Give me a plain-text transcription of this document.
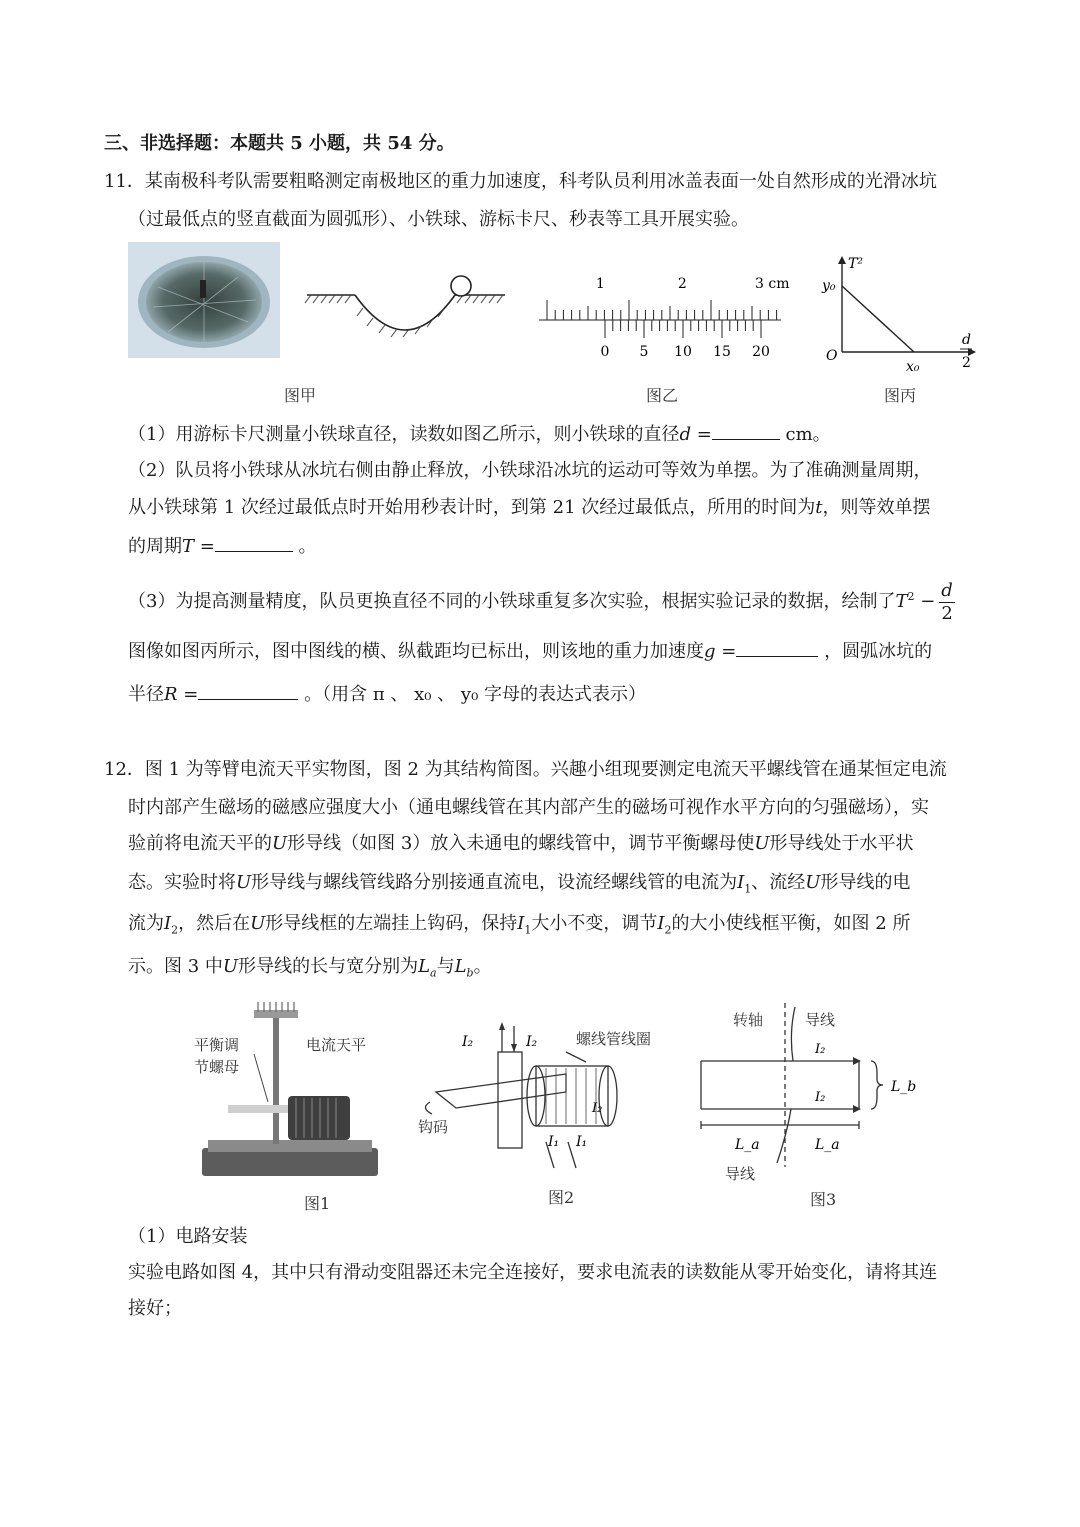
三、非选择题：本题共 5 小题，共 54 分。
11．某南极科考队需要粗略测定南极地区的重力加速度，科考队员利用冰盖表面一处自然形成的光滑冰坑
（过最低点的竖直截面为圆弧形）、小铁球、游标卡尺、秒表等工具开展实验。
图甲
1	2	3 cm
0 5 10 15 20
图乙
T²
y₀
O
x₀
d
2
图丙
（1）用游标卡尺测量小铁球直径，读数如图乙所示，则小铁球的直径d =	cm。
（2）队员将小铁球从冰坑右侧由静止释放，小铁球沿冰坑的运动可等效为单摆。为了准确测量周期，
从小铁球第 1 次经过最低点时开始用秒表计时，到第 21 次经过最低点，所用的时间为t，则等效单摆
的周期T =	。
（3）为提高测量精度，队员更换直径不同的小铁球重复多次实验，根据实验记录的数据，绘制了$T^2 - \frac{d}{2}$
图像如图丙所示，图中图线的横、纵截距均已标出，则该地的重力加速度g =	，圆弧冰坑的
半径R =	。（用含 π 、 x₀ 、 y₀ 字母的表达式表示）
12．图 1 为等臂电流天平实物图，图 2 为其结构简图。兴趣小组现要测定电流天平螺线管在通某恒定电流
时内部产生磁场的磁感应强度大小（通电螺线管在其内部产生的磁场可视作水平方向的匀强磁场），实
验前将电流天平的U形导线（如图 3）放入未通电的螺线管中，调节平衡螺母使U形导线处于水平状
态。实验时将U形导线与螺线管线路分别接通直流电，设流经螺线管的电流为$I_1$、流经U形导线的电
流为$I_2$，然后在U形导线框的左端挂上钩码，保持$I_1$大小不变，调节$I_2$的大小使线框平衡，如图 2 所
示。图 3 中U形导线的长与宽分别为$L_a$与$L_b$。
平衡调
节螺母
电流天平
图1
I₂	I₂
I₂
I₁ I₁
螺线管线圈
钩码
图2
转轴	导线
I₂
I₂
L_b
L_a	L_a
导线
图3
（1）电路安装
实验电路如图 4，其中只有滑动变阻器还未完全连接好，要求电流表的读数能从零开始变化，请将其连
接好；
